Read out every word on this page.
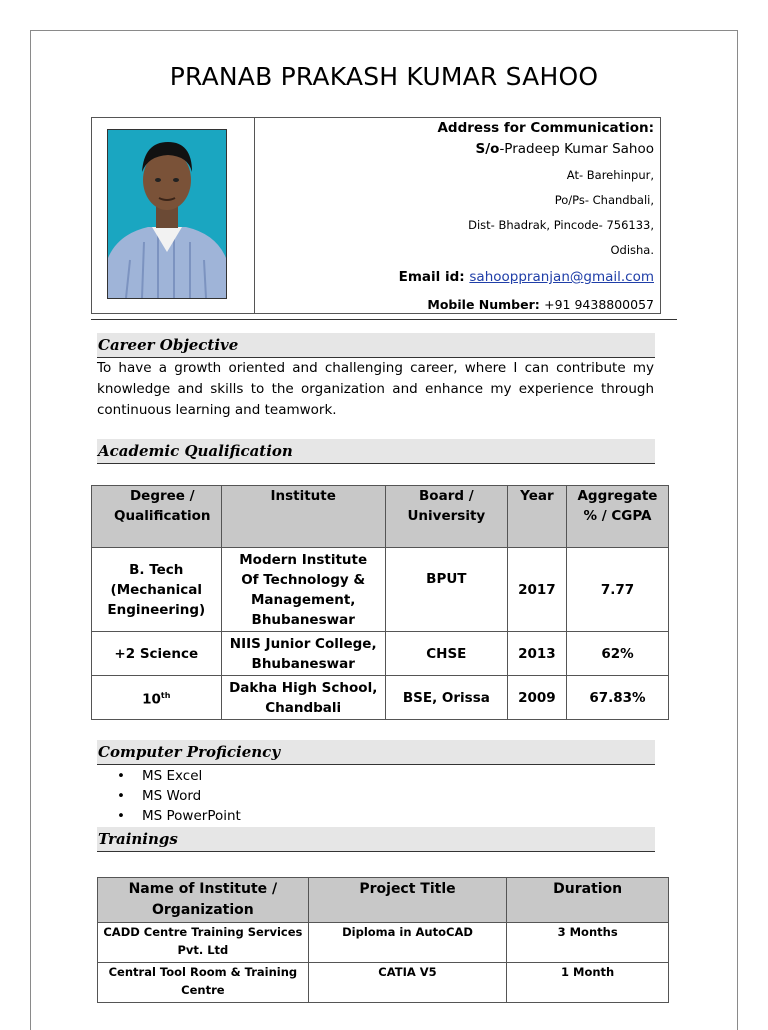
PRANAB PRAKASH KUMAR SAHOO
Address for Communication:
S/o-Pradeep Kumar Sahoo
At- Barehinpur,
Po/Ps- Chandbali,
Dist- Bhadrak, Pincode- 756133,
Odisha.
Email id: sahooppranjan@gmail.com
Mobile Number: +91 9438800057
Career Objective
To have a growth oriented and challenging career, where I can contribute my knowledge and skills to the organization and enhance my experience through continuous learning and teamwork.
Academic Qualification
Degree / Qualification	Institute	Board / University	Year	Aggregate % / CGPA
B. Tech (Mechanical Engineering)	Modern Institute Of Technology & Management, Bhubaneswar	BPUT	2017	7.77
+2 Science	NIIS Junior College, Bhubaneswar	CHSE	2013	62%
10th	Dakha High School, Chandbali	BSE, Orissa	2009	67.83%
Computer Proficiency
• MS Excel
• MS Word
• MS PowerPoint
Trainings
Name of Institute / Organization	Project Title	Duration
CADD Centre Training Services Pvt. Ltd	Diploma in AutoCAD	3 Months
Central Tool Room & Training Centre	CATIA V5	1 Month
